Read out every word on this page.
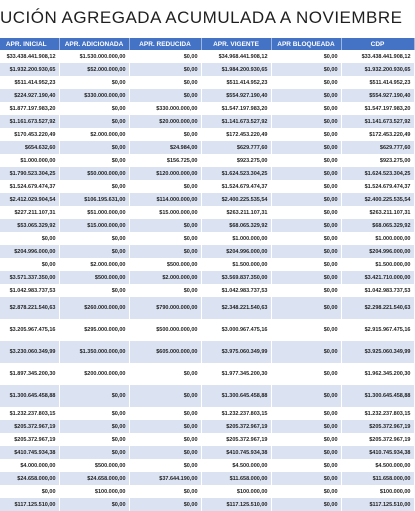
UCIÓN AGREGADA ACUMULADA A NOVIEMBRE
APR. INICIAL	APR. ADICIONADA	APR. REDUCIDA	APR. VIGENTE	APR BLOQUEADA	CDP
$33.438.441.908,12	$1.530.000.000,00	$0,00	$34.968.441.908,12	$0,00	$33.438.441.908,12
$1.932.200.930,65	$52.000.000,00	$0,00	$1.984.200.930,65	$0,00	$1.932.200.930,65
$511.414.952,23	$0,00	$0,00	$511.414.952,23	$0,00	$511.414.952,23
$224.927.190,40	$330.000.000,00	$0,00	$554.927.190,40	$0,00	$554.927.190,40
$1.877.197.983,20	$0,00	$330.000.000,00	$1.547.197.983,20	$0,00	$1.547.197.983,20
$1.161.673.527,92	$0,00	$20.000.000,00	$1.141.673.527,92	$0,00	$1.141.673.527,92
$170.453.220,49	$2.000.000,00	$0,00	$172.453.220,49	$0,00	$172.453.220,49
$654.632,60	$0,00	$24.984,00	$629.777,60	$0,00	$629.777,60
$1.000.000,00	$0,00	$156.725,00	$923.275,00	$0,00	$923.275,00
$1.790.523.304,25	$50.000.000,00	$120.000.000,00	$1.624.523.304,25	$0,00	$1.624.523.304,25
$1.524.679.474,37	$0,00	$0,00	$1.524.679.474,37	$0,00	$1.524.679.474,37
$2.412.029.904,54	$106.195.631,00	$114.000.000,00	$2.400.225.535,54	$0,00	$2.400.225.535,54
$227.211.107,31	$51.000.000,00	$15.000.000,00	$263.211.107,31	$0,00	$263.211.107,31
$53.065.329,92	$15.000.000,00	$0,00	$68.065.329,92	$0,00	$68.065.329,92
$0,00	$0,00	$0,00	$1.000.000,00	$0,00	$1.000.000,00
$204.996.000,00	$0,00	$0,00	$204.996.000,00	$0,00	$204.996.000,00
$0,00	$2.000.000,00	$500.000,00	$1.500.000,00	$0,00	$1.500.000,00
$3.571.337.350,00	$500.000,00	$2.000.000,00	$3.569.837.350,00	$0,00	$3.421.710.000,00
$1.042.983.737,53	$0,00	$0,00	$1.042.983.737,53	$0,00	$1.042.983.737,53
$2.878.221.540,63	$260.000.000,00	$790.000.000,00	$2.348.221.540,63	$0,00	$2.298.221.540,63
$3.205.967.475,16	$295.000.000,00	$500.000.000,00	$3.000.967.475,16	$0,00	$2.915.967.475,16
$3.230.060.349,99	$1.350.000.000,00	$605.000.000,00	$3.975.060.349,99	$0,00	$3.925.060.349,99
$1.897.345.200,30	$200.000.000,00	$0,00	$1.977.345.200,30	$0,00	$1.962.345.200,30
$1.300.645.458,88	$0,00	$0,00	$1.300.645.458,88	$0,00	$1.300.645.458,88
$1.232.237.803,15	$0,00	$0,00	$1.232.237.803,15	$0,00	$1.232.237.803,15
$205.372.967,19	$0,00	$0,00	$205.372.967,19	$0,00	$205.372.967,19
$205.372.967,19	$0,00	$0,00	$205.372.967,19	$0,00	$205.372.967,19
$410.745.934,38	$0,00	$0,00	$410.745.934,38	$0,00	$410.745.934,38
$4.000.000,00	$500.000,00	$0,00	$4.500.000,00	$0,00	$4.500.000,00
$24.658.000,00	$24.658.000,00	$37.644.190,00	$11.658.000,00	$0,00	$11.658.000,00
$0,00	$100.000,00	$0,00	$100.000,00	$0,00	$100.000,00
$117.125.510,00	$0,00	$0,00	$117.125.510,00	$0,00	$117.125.510,00
